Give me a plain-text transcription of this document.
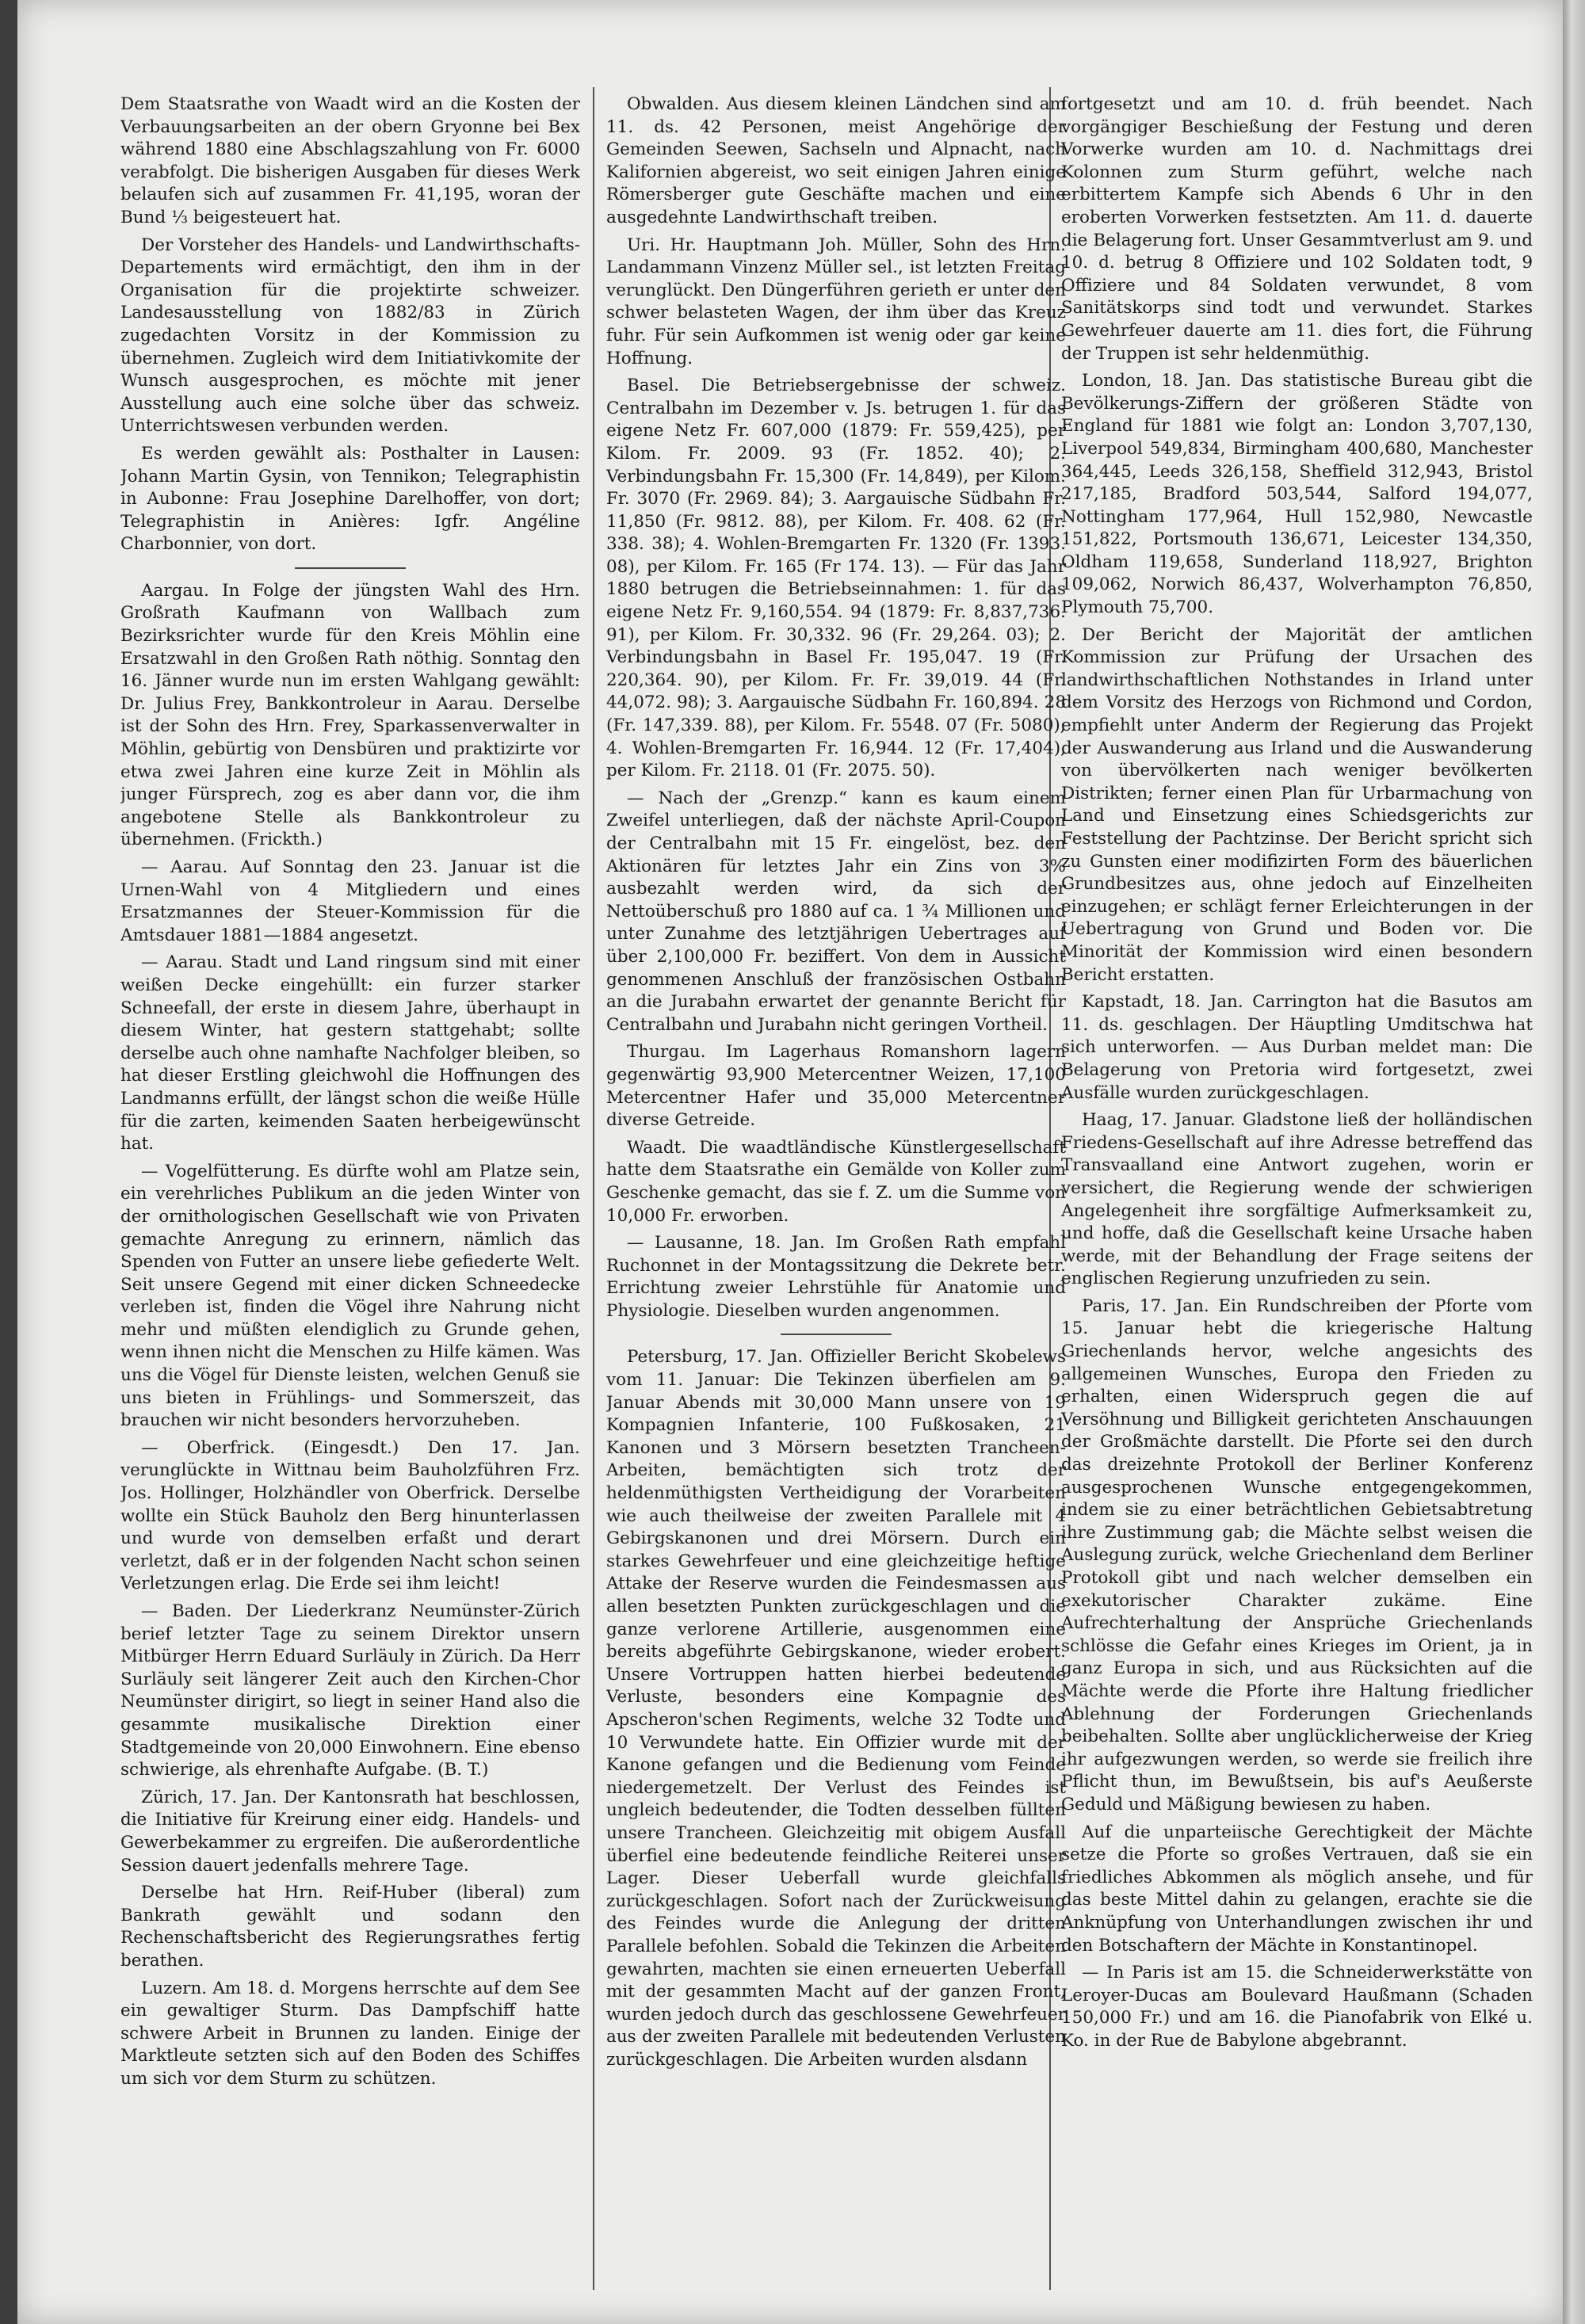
Dem Staatsrathe von Waadt wird an die Kosten der Verbauungsarbeiten an der obern Gryonne bei Bex während 1880 eine Abschlagszahlung von Fr. 6000 verabfolgt. Die bisherigen Ausgaben für dieses Werk belaufen sich auf zusammen Fr. 41,195, woran der Bund ⅓ beigesteuert hat.

Der Vorsteher des Handels- und Landwirthschafts-Departements wird ermächtigt, den ihm in der Organisation für die projektirte schweizer. Landesausstellung von 1882/83 in Zürich zugedachten Vorsitz in der Kommission zu übernehmen. Zugleich wird dem Initiativkomite der Wunsch ausgesprochen, es möchte mit jener Ausstellung auch eine solche über das schweiz. Unterrichtswesen verbunden werden.

Es werden gewählt als: Posthalter in Lausen: Johann Martin Gysin, von Tennikon; Telegraphistin in Aubonne: Frau Josephine Darelhoffer, von dort; Telegraphistin in Anières: Igfr. Angéline Charbonnier, von dort.

Aargau. In Folge der jüngsten Wahl des Hrn. Großrath Kaufmann von Wallbach zum Bezirksrichter wurde für den Kreis Möhlin eine Ersatzwahl in den Großen Rath nöthig. Sonntag den 16. Jänner wurde nun im ersten Wahlgang gewählt: Dr. Julius Frey, Bankkontroleur in Aarau. Derselbe ist der Sohn des Hrn. Frey, Sparkassenverwalter in Möhlin, gebürtig von Densbüren und praktizirte vor etwa zwei Jahren eine kurze Zeit in Möhlin als junger Fürsprech, zog es aber dann vor, die ihm angebotene Stelle als Bankkontroleur zu übernehmen. (Frickth.)

— Aarau. Auf Sonntag den 23. Januar ist die Urnen-Wahl von 4 Mitgliedern und eines Ersatzmannes der Steuer-Kommission für die Amtsdauer 1881—1884 angesetzt.

— Aarau. Stadt und Land ringsum sind mit einer weißen Decke eingehüllt: ein furzer starker Schneefall, der erste in diesem Jahre, überhaupt in diesem Winter, hat gestern stattgehabt; sollte derselbe auch ohne namhafte Nachfolger bleiben, so hat dieser Erstling gleichwohl die Hoffnungen des Landmanns erfüllt, der längst schon die weiße Hülle für die zarten, keimenden Saaten herbeigewünscht hat.

— Vogelfütterung. Es dürfte wohl am Platze sein, ein verehrliches Publikum an die jeden Winter von der ornithologischen Gesellschaft wie von Privaten gemachte Anregung zu erinnern, nämlich das Spenden von Futter an unsere liebe gefiederte Welt. Seit unsere Gegend mit einer dicken Schneedecke verleben ist, finden die Vögel ihre Nahrung nicht mehr und müßten elendiglich zu Grunde gehen, wenn ihnen nicht die Menschen zu Hilfe kämen. Was uns die Vögel für Dienste leisten, welchen Genuß sie uns bieten in Frühlings- und Sommerszeit, das brauchen wir nicht besonders hervorzuheben.

— Oberfrick. (Eingesdt.) Den 17. Jan. verunglückte in Wittnau beim Bauholzführen Frz. Jos. Hollinger, Holzhändler von Oberfrick. Derselbe wollte ein Stück Bauholz den Berg hinunterlassen und wurde von demselben erfaßt und derart verletzt, daß er in der folgenden Nacht schon seinen Verletzungen erlag. Die Erde sei ihm leicht!

— Baden. Der Liederkranz Neumünster-Zürich berief letzter Tage zu seinem Direktor unsern Mitbürger Herrn Eduard Surläuly in Zürich. Da Herr Surläuly seit längerer Zeit auch den Kirchen-Chor Neumünster dirigirt, so liegt in seiner Hand also die gesammte musikalische Direktion einer Stadtgemeinde von 20,000 Einwohnern. Eine ebenso schwierige, als ehrenhafte Aufgabe. (B. T.)

Zürich, 17. Jan. Der Kantonsrath hat beschlossen, die Initiative für Kreirung einer eidg. Handels- und Gewerbekammer zu ergreifen. Die außerordentliche Session dauert jedenfalls mehrere Tage.

Derselbe hat Hrn. Reif-Huber (liberal) zum Bankrath gewählt und sodann den Rechenschaftsbericht des Regierungsrathes fertig berathen.

Luzern. Am 18. d. Morgens herrschte auf dem See ein gewaltiger Sturm. Das Dampfschiff hatte schwere Arbeit in Brunnen zu landen. Einige der Marktleute setzten sich auf den Boden des Schiffes um sich vor dem Sturm zu schützen.

Obwalden. Aus diesem kleinen Ländchen sind am 11. ds. 42 Personen, meist Angehörige der Gemeinden Seewen, Sachseln und Alpnacht, nach Kalifornien abgereist, wo seit einigen Jahren einige Römersberger gute Geschäfte machen und eine ausgedehnte Landwirthschaft treiben.

Uri. Hr. Hauptmann Joh. Müller, Sohn des Hrn. Landammann Vinzenz Müller sel., ist letzten Freitag verunglückt. Den Düngerführen gerieth er unter den schwer belasteten Wagen, der ihm über das Kreuz fuhr. Für sein Aufkommen ist wenig oder gar keine Hoffnung.

Basel. Die Betriebsergebnisse der schweiz. Centralbahn im Dezember v. Js. betrugen 1. für das eigene Netz Fr. 607,000 (1879: Fr. 559,425), per Kilom. Fr. 2009. 93 (Fr. 1852. 40); 2. Verbindungsbahn Fr. 15,300 (Fr. 14,849), per Kilom. Fr. 3070 (Fr. 2969. 84); 3. Aargauische Südbahn Fr. 11,850 (Fr. 9812. 88), per Kilom. Fr. 408. 62 (Fr. 338. 38); 4. Wohlen-Bremgarten Fr. 1320 (Fr. 1393. 08), per Kilom. Fr. 165 (Fr 174. 13). — Für das Jahr 1880 betrugen die Betriebseinnahmen: 1. für das eigene Netz Fr. 9,160,554. 94 (1879: Fr. 8,837,736. 91), per Kilom. Fr. 30,332. 96 (Fr. 29,264. 03); 2. Verbindungsbahn in Basel Fr. 195,047. 19 (Fr. 220,364. 90), per Kilom. Fr. Fr. 39,019. 44 (Fr. 44,072. 98); 3. Aargauische Südbahn Fr. 160,894. 28 (Fr. 147,339. 88), per Kilom. Fr. 5548. 07 (Fr. 5080); 4. Wohlen-Bremgarten Fr. 16,944. 12 (Fr. 17,404), per Kilom. Fr. 2118. 01 (Fr. 2075. 50).

— Nach der „Grenzp.“ kann es kaum einem Zweifel unterliegen, daß der nächste April-Coupon der Centralbahn mit 15 Fr. eingelöst, bez. den Aktionären für letztes Jahr ein Zins von 3% ausbezahlt werden wird, da sich der Nettoüberschuß pro 1880 auf ca. 1 ¾ Millionen und unter Zunahme des letztjährigen Uebertrages auf über 2,100,000 Fr. beziffert. Von dem in Aussicht genommenen Anschluß der französischen Ostbahn an die Jurabahn erwartet der genannte Bericht für Centralbahn und Jurabahn nicht geringen Vortheil.

Thurgau. Im Lagerhaus Romanshorn lagern gegenwärtig 93,900 Metercentner Weizen, 17,100 Metercentner Hafer und 35,000 Metercentner diverse Getreide.

Waadt. Die waadtländische Künstlergesellschaft hatte dem Staatsrathe ein Gemälde von Koller zum Geschenke gemacht, das sie f. Z. um die Summe von 10,000 Fr. erworben.

— Lausanne, 18. Jan. Im Großen Rath empfahl Ruchonnet in der Montagssitzung die Dekrete betr. Errichtung zweier Lehrstühle für Anatomie und Physiologie. Dieselben wurden angenommen.

Petersburg, 17. Jan. Offizieller Bericht Skobelews vom 11. Januar: Die Tekinzen überfielen am 9. Januar Abends mit 30,000 Mann unsere von 19 Kompagnien Infanterie, 100 Fußkosaken, 21 Kanonen und 3 Mörsern besetzten Trancheen-Arbeiten, bemächtigten sich trotz der heldenmüthigsten Vertheidigung der Vorarbeiten wie auch theilweise der zweiten Parallele mit 4 Gebirgskanonen und drei Mörsern. Durch ein starkes Gewehrfeuer und eine gleichzeitige heftige Attake der Reserve wurden die Feindesmassen aus allen besetzten Punkten zurückgeschlagen und die ganze verlorene Artillerie, ausgenommen eine bereits abgeführte Gebirgskanone, wieder erobert. Unsere Vortruppen hatten hierbei bedeutende Verluste, besonders eine Kompagnie des Apscheron'schen Regiments, welche 32 Todte und 10 Verwundete hatte. Ein Offizier wurde mit der Kanone gefangen und die Bedienung vom Feinde niedergemetzelt. Der Verlust des Feindes ist ungleich bedeutender, die Todten desselben füllten unsere Trancheen. Gleichzeitig mit obigem Ausfall überfiel eine bedeutende feindliche Reiterei unser Lager. Dieser Ueberfall wurde gleichfalls zurückgeschlagen. Sofort nach der Zurückweisung des Feindes wurde die Anlegung der dritten Parallele befohlen. Sobald die Tekinzen die Arbeiten gewahrten, machten sie einen erneuerten Ueberfall mit der gesammten Macht auf der ganzen Front, wurden jedoch durch das geschlossene Gewehrfeuer aus der zweiten Parallele mit bedeutenden Verlusten zurückgeschlagen. Die Arbeiten wurden alsdann

fortgesetzt und am 10. d. früh beendet. Nach vorgängiger Beschießung der Festung und deren Vorwerke wurden am 10. d. Nachmittags drei Kolonnen zum Sturm geführt, welche nach erbittertem Kampfe sich Abends 6 Uhr in den eroberten Vorwerken festsetzten. Am 11. d. dauerte die Belagerung fort. Unser Gesammtverlust am 9. und 10. d. betrug 8 Offiziere und 102 Soldaten todt, 9 Offiziere und 84 Soldaten verwundet, 8 vom Sanitätskorps sind todt und verwundet. Starkes Gewehrfeuer dauerte am 11. dies fort, die Führung der Truppen ist sehr heldenmüthig.

London, 18. Jan. Das statistische Bureau gibt die Bevölkerungs-Ziffern der größeren Städte von England für 1881 wie folgt an: London 3,707,130, Liverpool 549,834, Birmingham 400,680, Manchester 364,445, Leeds 326,158, Sheffield 312,943, Bristol 217,185, Bradford 503,544, Salford 194,077, Nottingham 177,964, Hull 152,980, Newcastle 151,822, Portsmouth 136,671, Leicester 134,350, Oldham 119,658, Sunderland 118,927, Brighton 109,062, Norwich 86,437, Wolverhampton 76,850, Plymouth 75,700.

Der Bericht der Majorität der amtlichen Kommission zur Prüfung der Ursachen des landwirthschaftlichen Nothstandes in Irland unter dem Vorsitz des Herzogs von Richmond und Cordon, empfiehlt unter Anderm der Regierung das Projekt der Auswanderung aus Irland und die Auswanderung von übervölkerten nach weniger bevölkerten Distrikten; ferner einen Plan für Urbarmachung von Land und Einsetzung eines Schiedsgerichts zur Feststellung der Pachtzinse. Der Bericht spricht sich zu Gunsten einer modifizirten Form des bäuerlichen Grundbesitzes aus, ohne jedoch auf Einzelheiten einzugehen; er schlägt ferner Erleichterungen in der Uebertragung von Grund und Boden vor. Die Minorität der Kommission wird einen besondern Bericht erstatten.

Kapstadt, 18. Jan. Carrington hat die Basutos am 11. ds. geschlagen. Der Häuptling Umditschwa hat sich unterworfen. — Aus Durban meldet man: Die Belagerung von Pretoria wird fortgesetzt, zwei Ausfälle wurden zurückgeschlagen.

Haag, 17. Januar. Gladstone ließ der holländischen Friedens-Gesellschaft auf ihre Adresse betreffend das Transvaalland eine Antwort zugehen, worin er versichert, die Regierung wende der schwierigen Angelegenheit ihre sorgfältige Aufmerksamkeit zu, und hoffe, daß die Gesellschaft keine Ursache haben werde, mit der Behandlung der Frage seitens der englischen Regierung unzufrieden zu sein.

Paris, 17. Jan. Ein Rundschreiben der Pforte vom 15. Januar hebt die kriegerische Haltung Griechenlands hervor, welche angesichts des allgemeinen Wunsches, Europa den Frieden zu erhalten, einen Widerspruch gegen die auf Versöhnung und Billigkeit gerichteten Anschauungen der Großmächte darstellt. Die Pforte sei den durch das dreizehnte Protokoll der Berliner Konferenz ausgesprochenen Wunsche entgegengekommen, indem sie zu einer beträchtlichen Gebietsabtretung ihre Zustimmung gab; die Mächte selbst weisen die Auslegung zurück, welche Griechenland dem Berliner Protokoll gibt und nach welcher demselben ein exekutorischer Charakter zukäme. Eine Aufrechterhaltung der Ansprüche Griechenlands schlösse die Gefahr eines Krieges im Orient, ja in ganz Europa in sich, und aus Rücksichten auf die Mächte werde die Pforte ihre Haltung friedlicher Ablehnung der Forderungen Griechenlands beibehalten. Sollte aber unglücklicherweise der Krieg ihr aufgezwungen werden, so werde sie freilich ihre Pflicht thun, im Bewußtsein, bis auf's Aeußerste Geduld und Mäßigung bewiesen zu haben.

Auf die unparteiische Gerechtigkeit der Mächte setze die Pforte so großes Vertrauen, daß sie ein friedliches Abkommen als möglich ansehe, und für das beste Mittel dahin zu gelangen, erachte sie die Anknüpfung von Unterhandlungen zwischen ihr und den Botschaftern der Mächte in Konstantinopel.

— In Paris ist am 15. die Schneiderwerkstätte von Leroyer-Ducas am Boulevard Haußmann (Schaden 150,000 Fr.) und am 16. die Pianofabrik von Elké u. Ko. in der Rue de Babylone abgebrannt.
